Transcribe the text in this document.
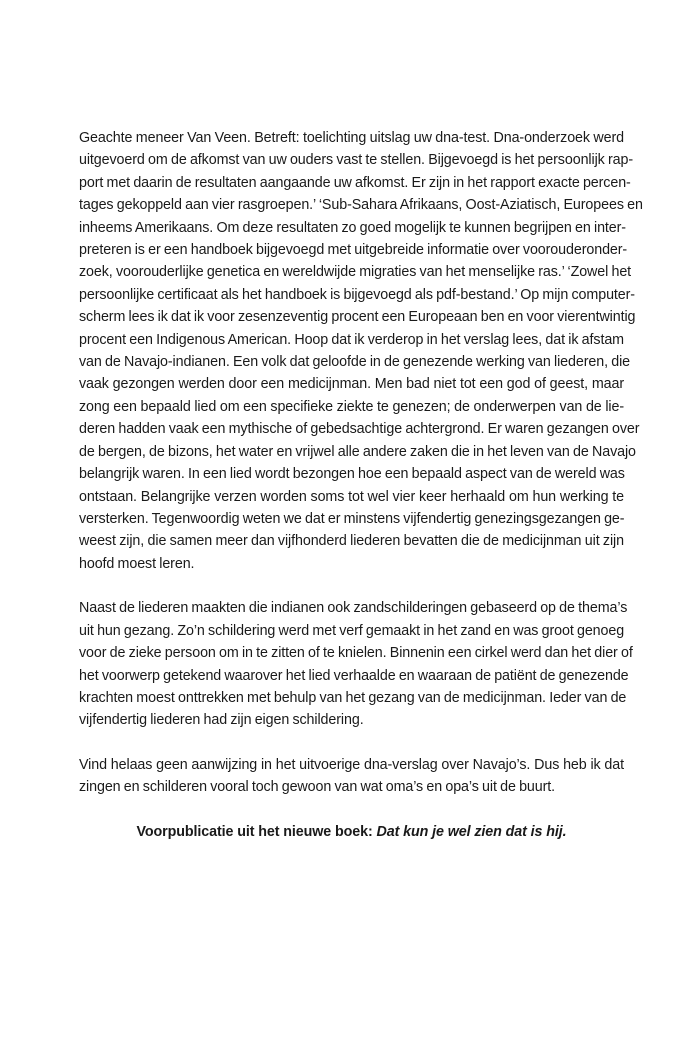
Geachte meneer Van Veen. Betreft: toelichting uitslag uw dna-test. Dna-onderzoek werd
uitgevoerd om de afkomst van uw ouders vast te stellen. Bijgevoegd is het persoonlijk rap-
port met daarin de resultaten aangaande uw afkomst. Er zijn in het rapport exacte percen-
tages gekoppeld aan vier rasgroepen.’ ‘Sub-Sahara Afrikaans, Oost-Aziatisch, Europees en
inheems Amerikaans. Om deze resultaten zo goed mogelijk te kunnen begrijpen en inter-
preteren is er een handboek bijgevoegd met uitgebreide informatie over voorouderonder-
zoek, voorouderlijke genetica en wereldwijde migraties van het menselijke ras.’ ‘Zowel het
persoonlijke certificaat als het handboek is bijgevoegd als pdf-bestand.’ Op mijn computer-
scherm lees ik dat ik voor zesenzeventig procent een Europeaan ben en voor vierentwintig
procent een Indigenous American. Hoop dat ik verderop in het verslag lees, dat ik afstam
van de Navajo-indianen. Een volk dat geloofde in de genezende werking van liederen, die
vaak gezongen werden door een medicijnman. Men bad niet tot een god of geest, maar
zong een bepaald lied om een specifieke ziekte te genezen; de onderwerpen van de lie-
deren hadden vaak een mythische of gebedsachtige achtergrond. Er waren gezangen over
de bergen, de bizons, het water en vrijwel alle andere zaken die in het leven van de Navajo
belangrijk waren. In een lied wordt bezongen hoe een bepaald aspect van de wereld was
ontstaan. Belangrijke verzen worden soms tot wel vier keer herhaald om hun werking te
versterken. Tegenwoordig weten we dat er minstens vijfendertig genezingsgezangen ge-
weest zijn, die samen meer dan vijfhonderd liederen bevatten die de medicijnman uit zijn
hoofd moest leren.
Naast de liederen maakten die indianen ook zandschilderingen gebaseerd op de thema’s
uit hun gezang. Zo’n schildering werd met verf gemaakt in het zand en was groot genoeg
voor de zieke persoon om in te zitten of te knielen. Binnenin een cirkel werd dan het dier of
het voorwerp getekend waarover het lied verhaalde en waaraan de patiënt de genezende
krachten moest onttrekken met behulp van het gezang van de medicijnman. Ieder van de
vijfendertig liederen had zijn eigen schildering.
Vind helaas geen aanwijzing in het uitvoerige dna-verslag over Navajo’s. Dus heb ik dat
zingen en schilderen vooral toch gewoon van wat oma’s en opa’s uit de buurt.
Voorpublicatie uit het nieuwe boek: Dat kun je wel zien dat is hij.
